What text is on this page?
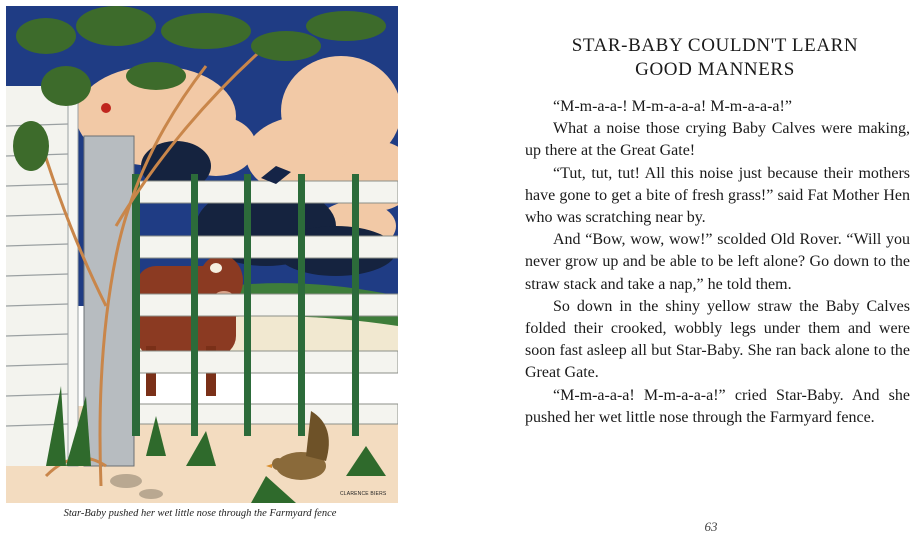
CLARENCE BIERS
Star-Baby pushed her wet little nose through the Farmyard fence
STAR-BABY COULDN'T LEARN
GOOD MANNERS

“M-m-a-a-! M-m-a-a-a! M-m-a-a-a!”

What a noise those crying Baby Calves were making, up there at the Great Gate!

“Tut, tut, tut! All this noise just because their mothers have gone to get a bite of fresh grass!” said Fat Mother Hen who was scratching near by.

And “Bow, wow, wow!” scolded Old Rover. “Will you never grow up and be able to be left alone? Go down to the straw stack and take a nap,” he told them.

So down in the shiny yellow straw the Baby Calves folded their crooked, wobbly legs under them and were soon fast asleep all but Star-Baby. She ran back alone to the Great Gate.

“M-m-a-a-a! M-m-a-a-a!” cried Star-Baby. And she pushed her wet little nose through the Farmyard fence.

63
